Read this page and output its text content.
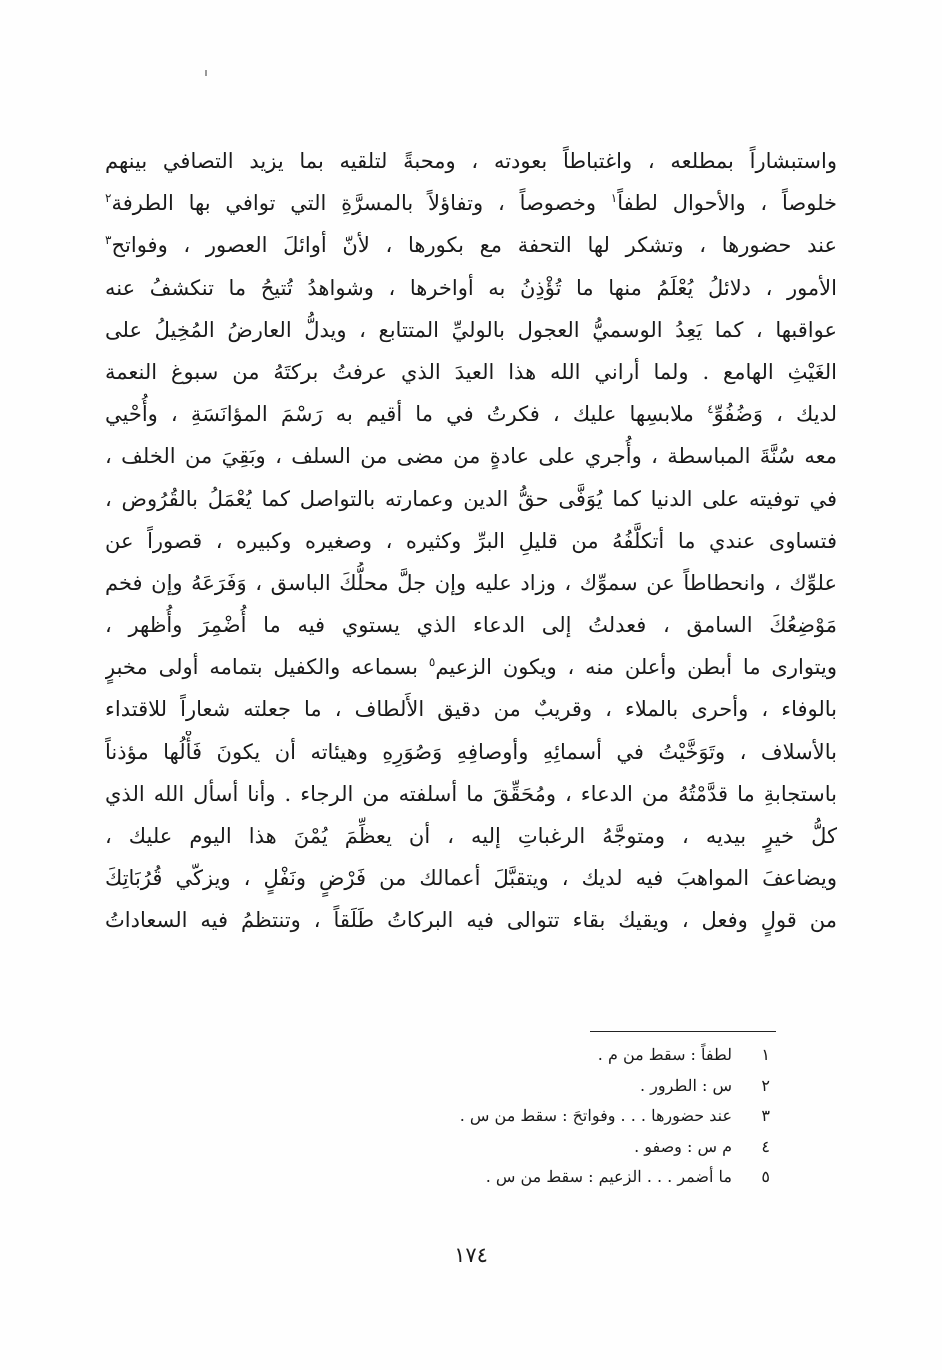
واستبشاراً بمطلعه ، واغتباطاً بعودته ، ومحبةً لتلقيه بما يزيد التصافي بينهم
خلوصاً ، والأحوال لطفاً$^١$ وخصوصاً ، وتفاؤلاً بالمسرَّةِ التي توافي بها الطرفة$^٢$
عند حضورها ، وتشكر لها التحفة مع بكورها ، لأنّ أوائلَ العصور ، وفواتح$^٣$
الأمور ، دلائلُ يُعْلَمُ منها ما تُؤْذِنُ به أواخرها ، وشواهدُ تُتيحُ ما تنكشفُ عنه
عواقبها ، كما يَعِدُ الوسميُّ العجول بالوليِّ المتتابع ، ويدلُّ العارضُ المُخِيلُ على
الغَيْثِ الهامع . ولما أراني الله هذا العيدَ الذي عرفتُ بركتَهُ من سبوغ النعمة
لديك ، وَضُفُوِّ$^٤$ ملابسِها عليك ، فكرتُ في ما أقيم به رَسْمَ المؤانَسَةِ ، وأُحْيي
معه سُنَّةَ المباسطة ، وأُجري على عادةٍ من مضى من السلف ، وبَقِيَ من الخلف ،
في توفيته على الدنيا كما يُوَفَّى حقُّ الدين وعمارته بالتواصل كما يُعْمَلُ بالقُرُوض ،
فتساوى عندي ما أتكلَّفُهُ من قليلِ البرِّ وكثيره ، وصغيره وكبيره ، قصوراً عن
علوِّك ، وانحطاطاً عن سموِّك ، وزاد عليه وإن جلَّ محلُّكَ الباسق ، وَفَرَعَهُ وإن فخم
مَوْضِعُكَ السامق ، فعدلتُ إلى الدعاء الذي يستوي فيه ما أُضْمِرَ وأُظهر ،
ويتوارى ما أبطن وأعلن منه ، ويكون الزعيم$^٥$ بسماعه والكفيل بتمامه أولى مخبرٍ
بالوفاء ، وأحرى بالملاء ، وقريبٌ من دقيق الأَلطاف ، ما جعلته شعاراً للاقتداء
بالأسلاف ، وتَوَخَّيْتُ في أسمائِهِ وأوصافِهِ وَصُوَرِهِ وهيئاته أن يكونَ فَأْلُها مؤذناً
باستجابةِ ما قدَّمْتُهُ من الدعاء ، ومُحَقِّقَ ما أسلفته من الرجاء . وأنا أسأل الله الذي
كلُّ خيرٍ بيديه ، ومتوجَّهُ الرغباتِ إليه ، أن يعظِّمَ يُمْنَ هذا اليوم عليك ،
ويضاعفَ المواهبَ فيه لديك ، ويتقبَّلَ أعمالك من فَرْضٍ ونَفْلٍ ، ويزكّي قُرُبَاتِكَ
من قولٍ وفعل ، ويقيك بقاء تتوالى فيه البركاتُ طَلَقاً ، وتنتظمُ فيه السعاداتُ
١
لطفاً : سقط من م .
٢
س : الطرور .
٣
عند حضورها . . . وفواتحَ : سقط من س .
٤
م س : وصفو .
٥
ما أضمر . . . الزعيم : سقط من س .
١٧٤
